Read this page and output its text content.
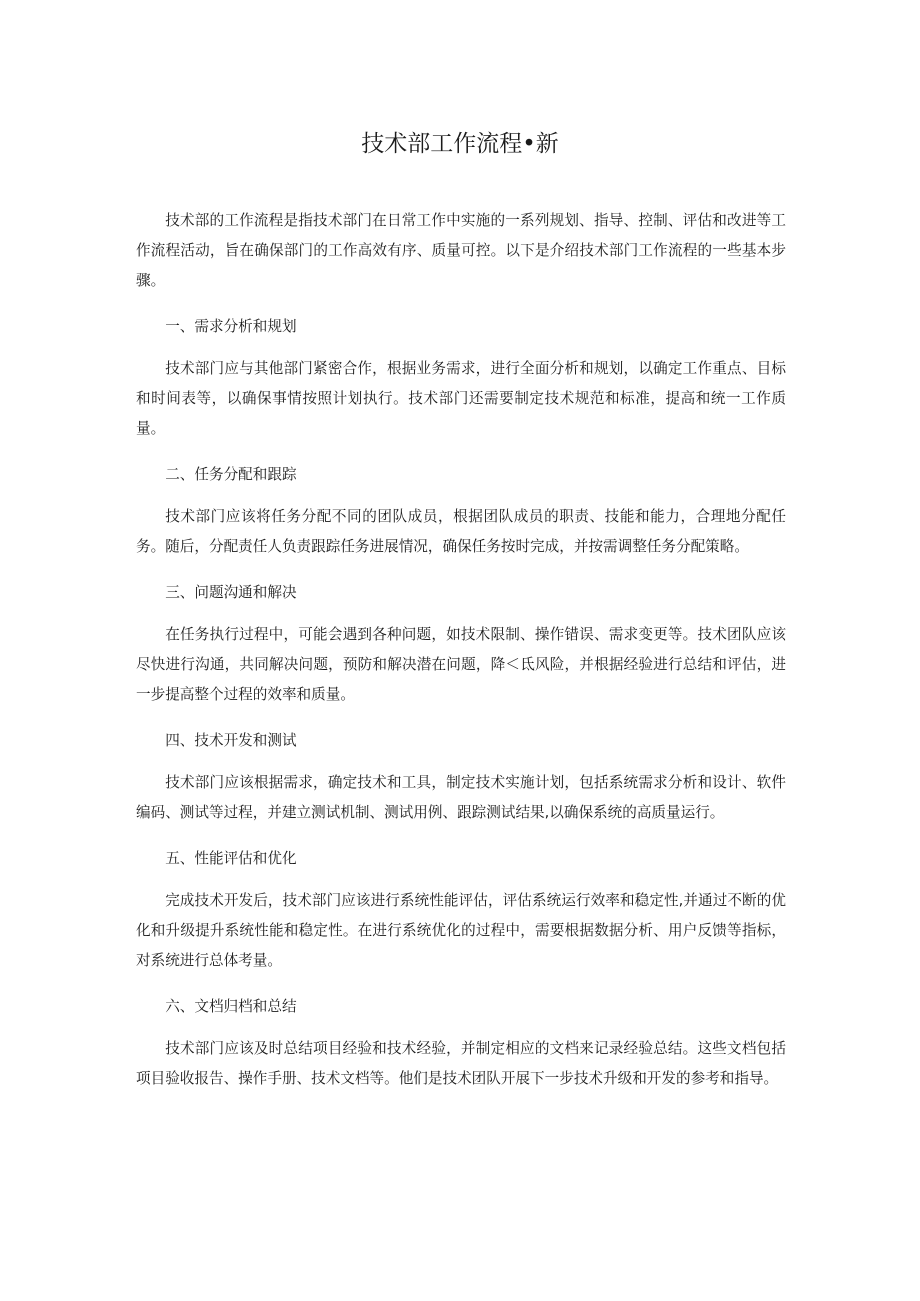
技术部工作流程•新

技术部的工作流程是指技术部门在日常工作中实施的一系列规划、指导、控制、评估和改进等工作流程活动，旨在确保部门的工作高效有序、质量可控。以下是介绍技术部门工作流程的一些基本步骤。

一、需求分析和规划

技术部门应与其他部门紧密合作，根据业务需求，进行全面分析和规划，以确定工作重点、目标和时间表等，以确保事情按照计划执行。技术部门还需要制定技术规范和标准，提高和统一工作质量。

二、任务分配和跟踪

技术部门应该将任务分配不同的团队成员，根据团队成员的职责、技能和能力，合理地分配任务。随后，分配责任人负责跟踪任务进展情况，确保任务按时完成，并按需调整任务分配策略。

三、问题沟通和解决

在任务执行过程中，可能会遇到各种问题，如技术限制、操作错误、需求变更等。技术团队应该尽快进行沟通，共同解决问题，预防和解决潜在问题，降＜氐风险，并根据经验进行总结和评估，进一步提高整个过程的效率和质量。

四、技术开发和测试

技术部门应该根据需求，确定技术和工具，制定技术实施计划，包括系统需求分析和设计、软件编码、测试等过程，并建立测试机制、测试用例、跟踪测试结果,以确保系统的高质量运行。

五、性能评估和优化

完成技术开发后，技术部门应该进行系统性能评估，评估系统运行效率和稳定性,并通过不断的优化和升级提升系统性能和稳定性。在进行系统优化的过程中，需要根据数据分析、用户反馈等指标，对系统进行总体考量。

六、文档归档和总结

技术部门应该及时总结项目经验和技术经验，并制定相应的文档来记录经验总结。这些文档包括项目验收报告、操作手册、技术文档等。他们是技术团队开展下一步技术升级和开发的参考和指导。
